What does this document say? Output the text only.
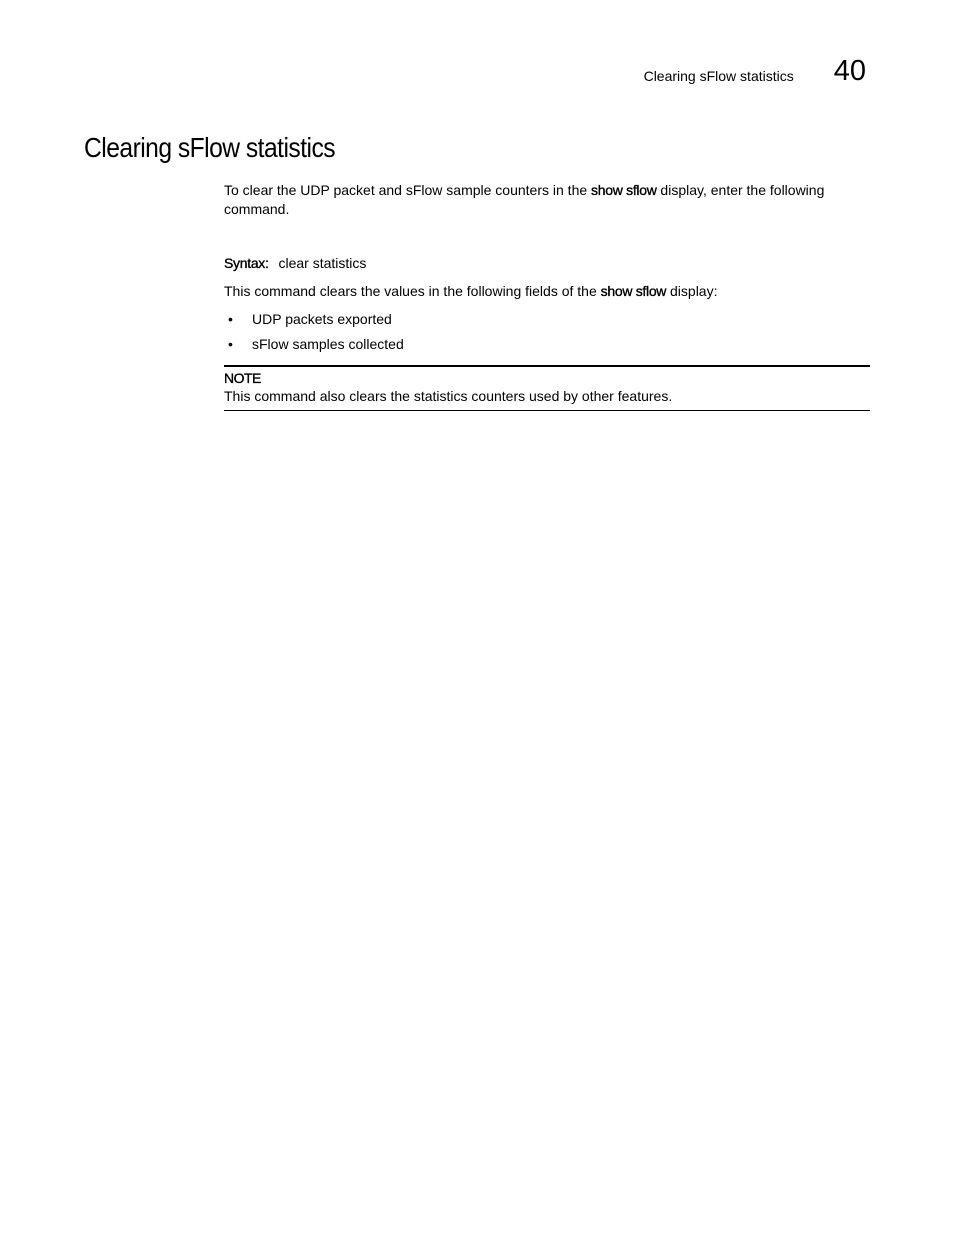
Clearing sFlow statistics 40
Clearing sFlow statistics

To clear the UDP packet and sFlow sample counters in the show sflow display, enter the following command.

Syntax: clear statistics

This command clears the values in the following fields of the show sflow display:

• UDP packets exported
• sFlow samples collected
NOTE
This command also clears the statistics counters used by other features.
